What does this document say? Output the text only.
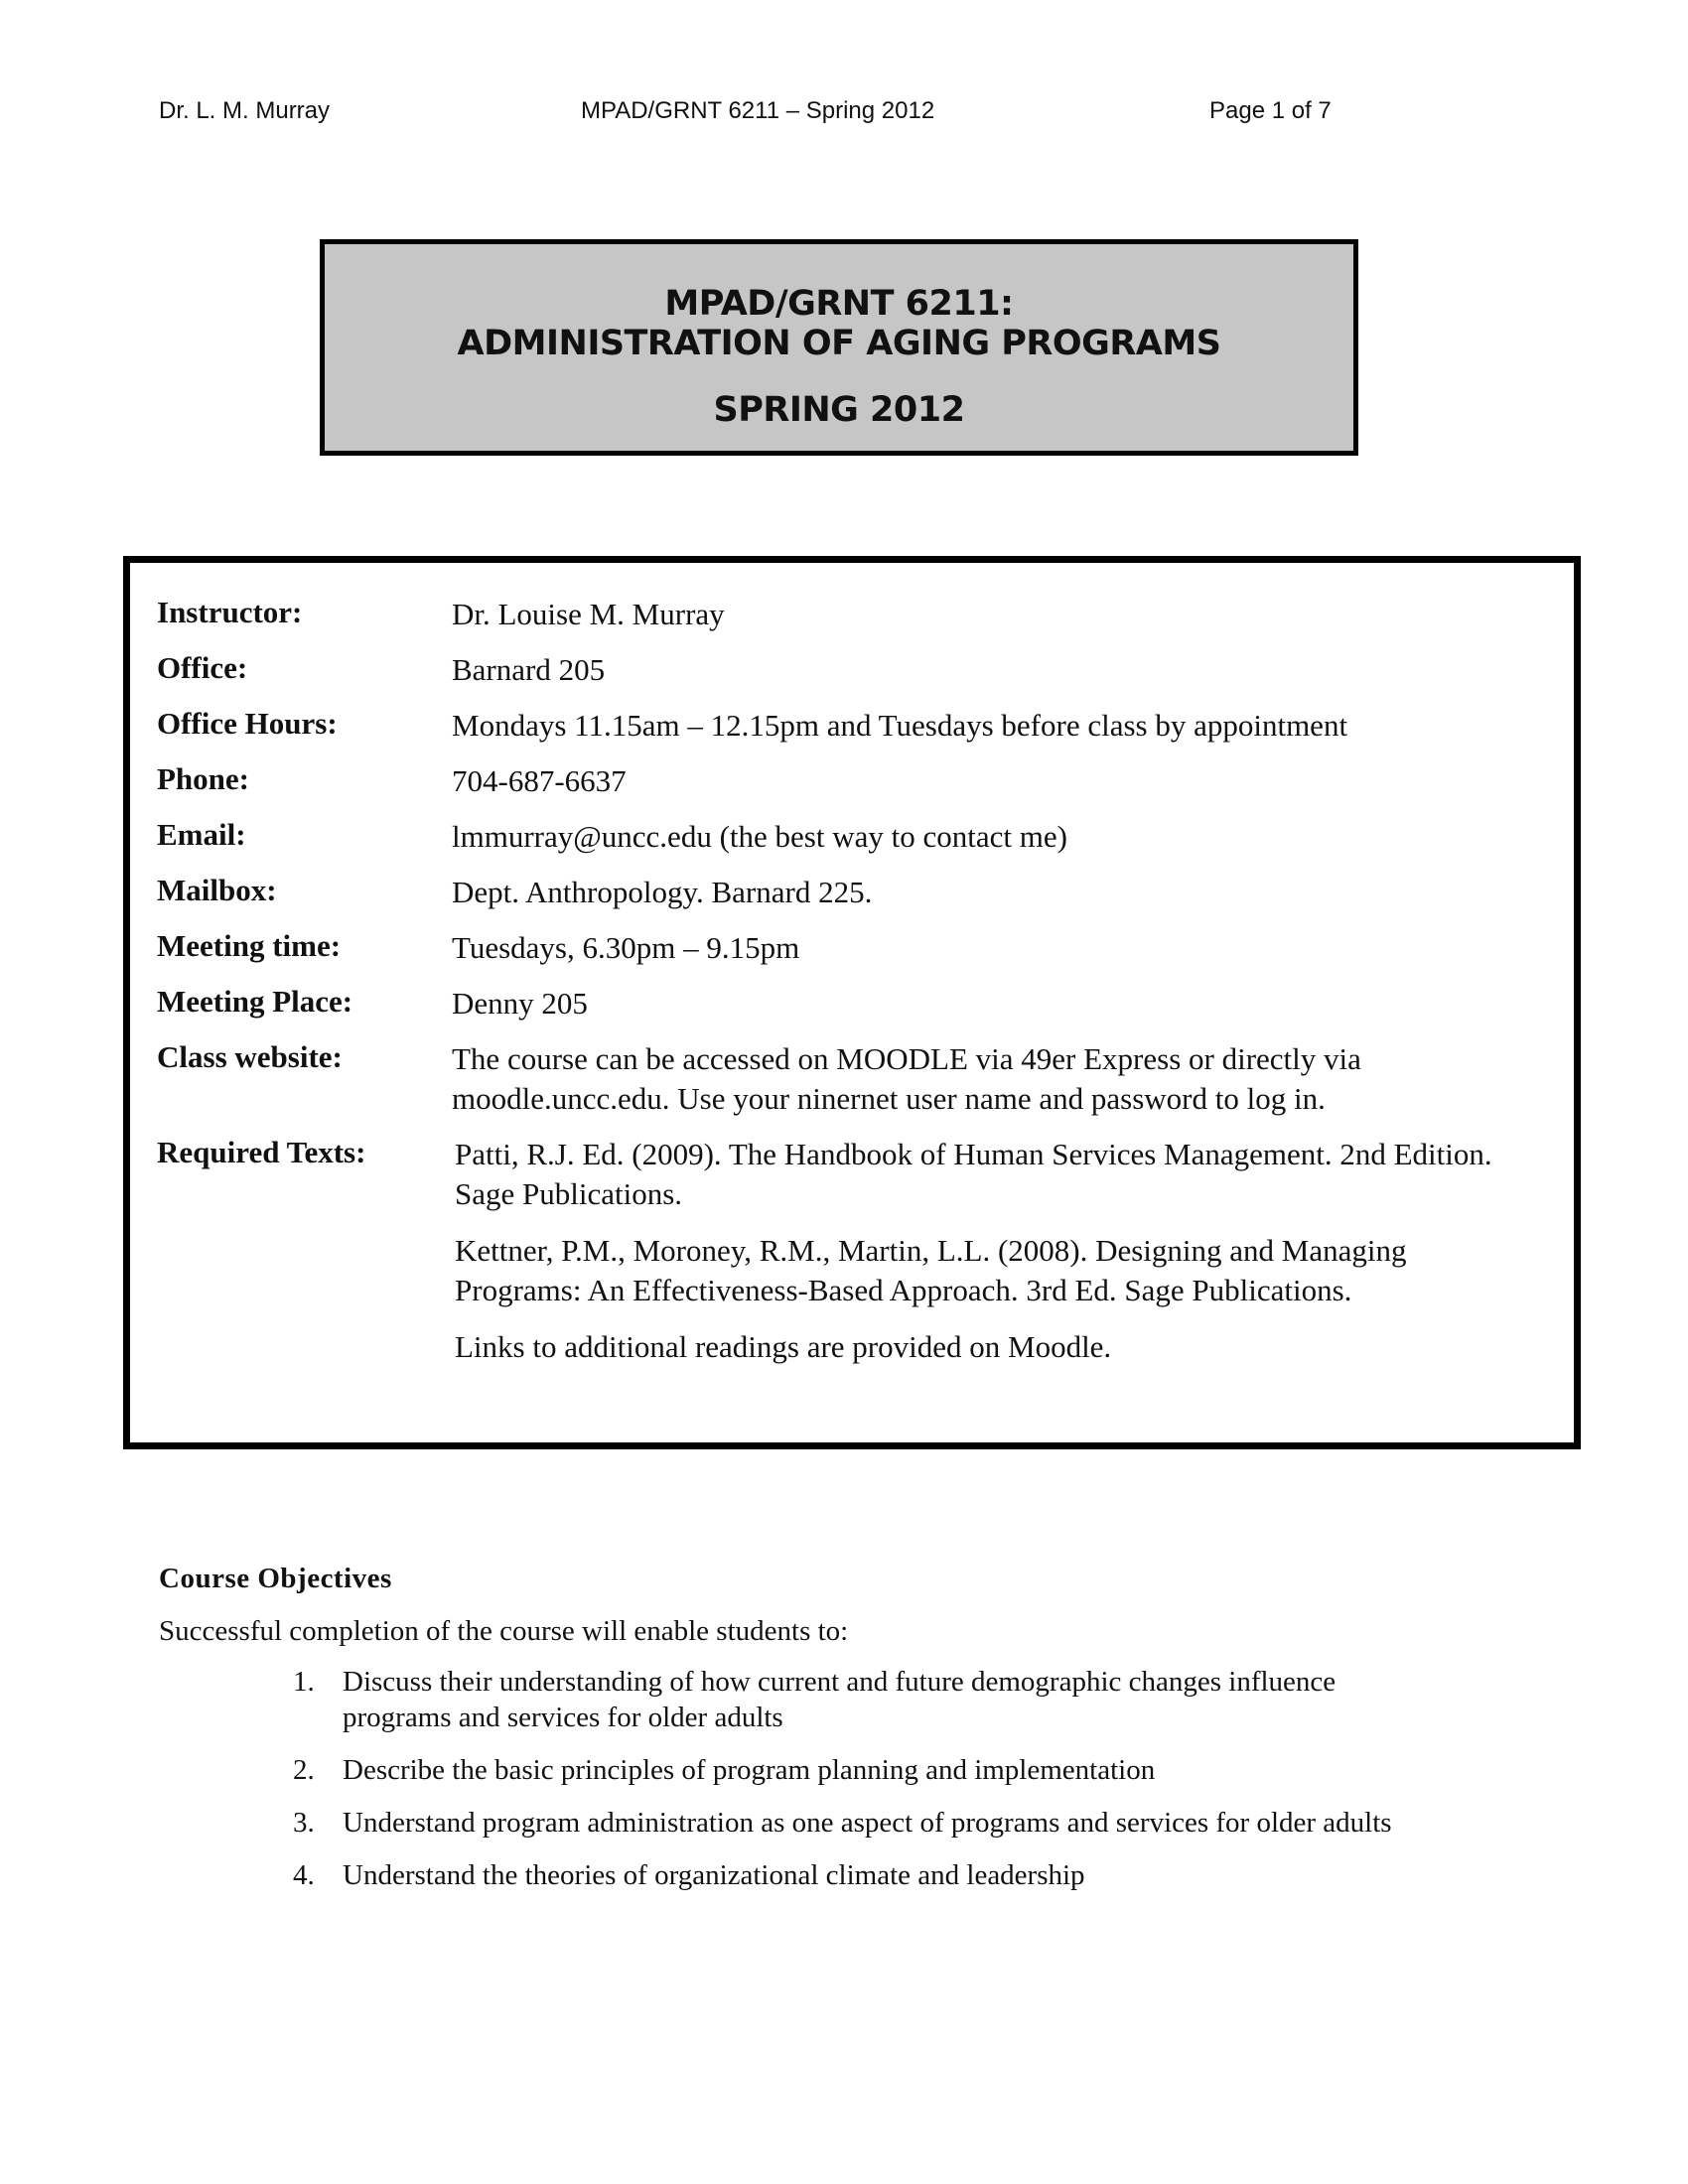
Dr. L. M. Murray	MPAD/GRNT 6211 – Spring 2012	Page 1 of 7
MPAD/GRNT 6211:
ADMINISTRATION OF AGING PROGRAMS
SPRING 2012
Instructor:	Dr. Louise M. Murray
Office:	Barnard 205
Office Hours:	Mondays 11.15am – 12.15pm and Tuesdays before class by appointment
Phone:	704-687-6637
Email:	lmmurray@uncc.edu (the best way to contact me)
Mailbox:	Dept. Anthropology. Barnard 225.
Meeting time:	Tuesdays, 6.30pm – 9.15pm
Meeting Place:	Denny 205
Class website:	The course can be accessed on MOODLE via 49er Express or directly via moodle.uncc.edu. Use your ninernet user name and password to log in.
Required Texts:	Patti, R.J. Ed. (2009). The Handbook of Human Services Management. 2nd Edition. Sage Publications.

Kettner, P.M., Moroney, R.M., Martin, L.L. (2008). Designing and Managing Programs: An Effectiveness-Based Approach. 3rd Ed. Sage Publications.

Links to additional readings are provided on Moodle.

Course Objectives
Successful completion of the course will enable students to:
1. Discuss their understanding of how current and future demographic changes influence programs and services for older adults
2. Describe the basic principles of program planning and implementation
3. Understand program administration as one aspect of programs and services for older adults
4. Understand the theories of organizational climate and leadership
